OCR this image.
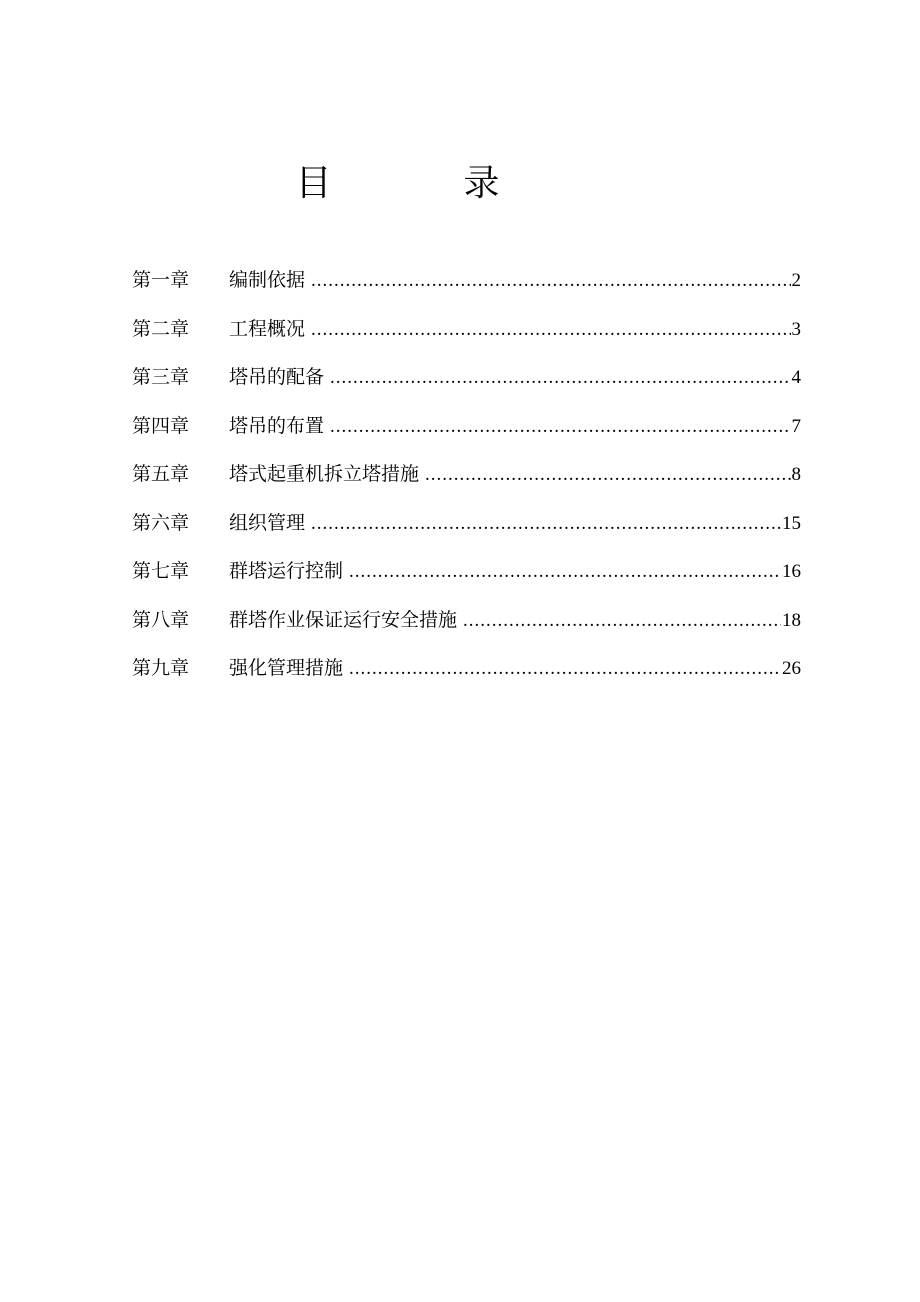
目　录
第一章	编制依据 .....	2
第二章	工程概况 .....	3
第三章	塔吊的配备 .....	4
第四章	塔吊的布置 .....	7
第五章	塔式起重机拆立塔措施 .....	8
第六章	组织管理 .....	15
第七章	群塔运行控制 .....	16
第八章	群塔作业保证运行安全措施 .....	18
第九章	强化管理措施 .....	26
